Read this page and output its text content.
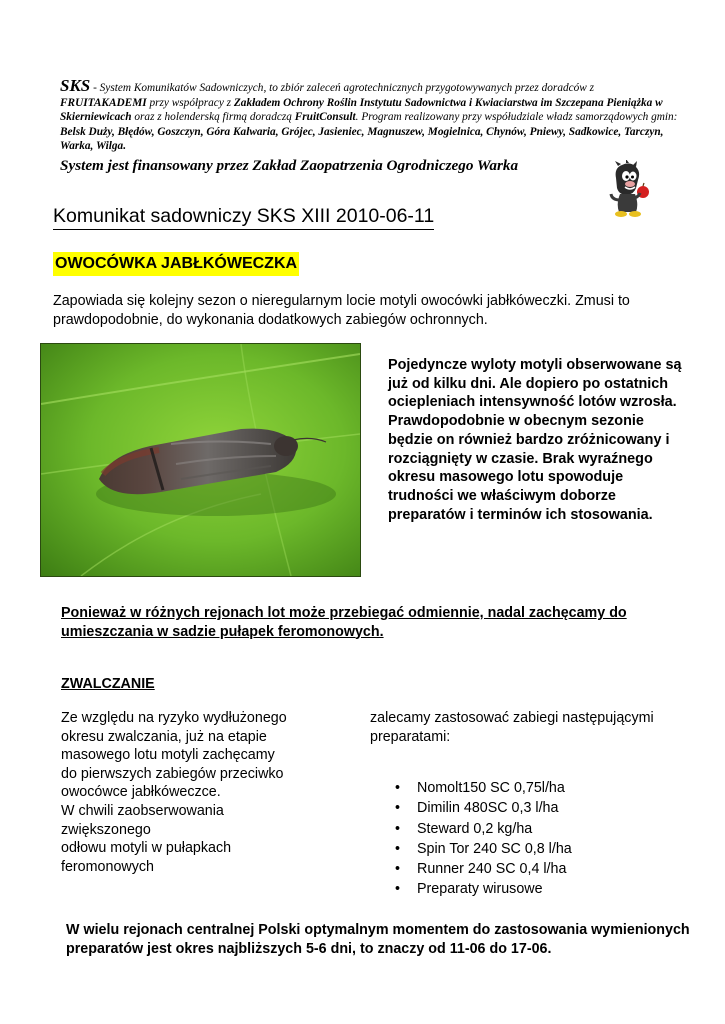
SKS - System Komunikatów Sadowniczych, to zbiór zaleceń agrotechnicznych przygotowywanych przez doradców z FRUITAKADEMI przy współpracy z Zakładem Ochrony Roślin Instytutu Sadownictwa i Kwiaciarstwa im Szczepana Pieniążka w Skierniewicach oraz z holenderską firmą doradczą FruitConsult. Program realizowany przy współudziale władz samorządowych gmin: Belsk Duży, Błędów, Goszczyn, Góra Kalwaria, Grójec, Jasieniec, Magnuszew, Mogielnica, Chynów, Pniewy, Sadkowice, Tarczyn, Warka, Wilga.
System jest finansowany przez Zakład Zaopatrzenia Ogrodniczego Warka
Komunikat sadowniczy SKS XIII 2010-06-11
OWOCÓWKA JABŁKÓWECZKA
Zapowiada się kolejny sezon o nieregularnym locie motyli owocówki jabłkóweczki. Zmusi to prawdopodobnie, do wykonania dodatkowych zabiegów ochronnych.
Pojedyncze wyloty motyli obserwowane są już od kilku dni. Ale dopiero po ostatnich ociepleniach intensywność lotów wzrosła. Prawdopodobnie w obecnym sezonie będzie on również bardzo zróżnicowany i rozciągnięty w czasie. Brak wyraźnego okresu masowego lotu spowoduje trudności we właściwym doborze preparatów i terminów ich stosowania.
Ponieważ w różnych rejonach lot może przebiegać odmiennie, nadal zachęcamy do umieszczania w sadzie pułapek feromonowych.
ZWALCZANIE
Ze względu na ryzyko wydłużonego
okresu zwalczania, już na etapie
masowego lotu motyli zachęcamy
do pierwszych zabiegów przeciwko
owocówce jabłkóweczce.
W chwili zaobserwowania
zwiększonego
odłowu motyli w pułapkach
feromonowych
zalecamy zastosować zabiegi następującymi preparatami:
• Nomolt150 SC 0,75l/ha
• Dimilin 480SC 0,3 l/ha
• Steward 0,2 kg/ha
• Spin Tor 240 SC 0,8 l/ha
• Runner 240 SC 0,4 l/ha
• Preparaty wirusowe
W wielu rejonach centralnej Polski optymalnym momentem do zastosowania wymienionych preparatów jest okres najbliższych 5-6 dni, to znaczy od 11-06 do 17-06.
